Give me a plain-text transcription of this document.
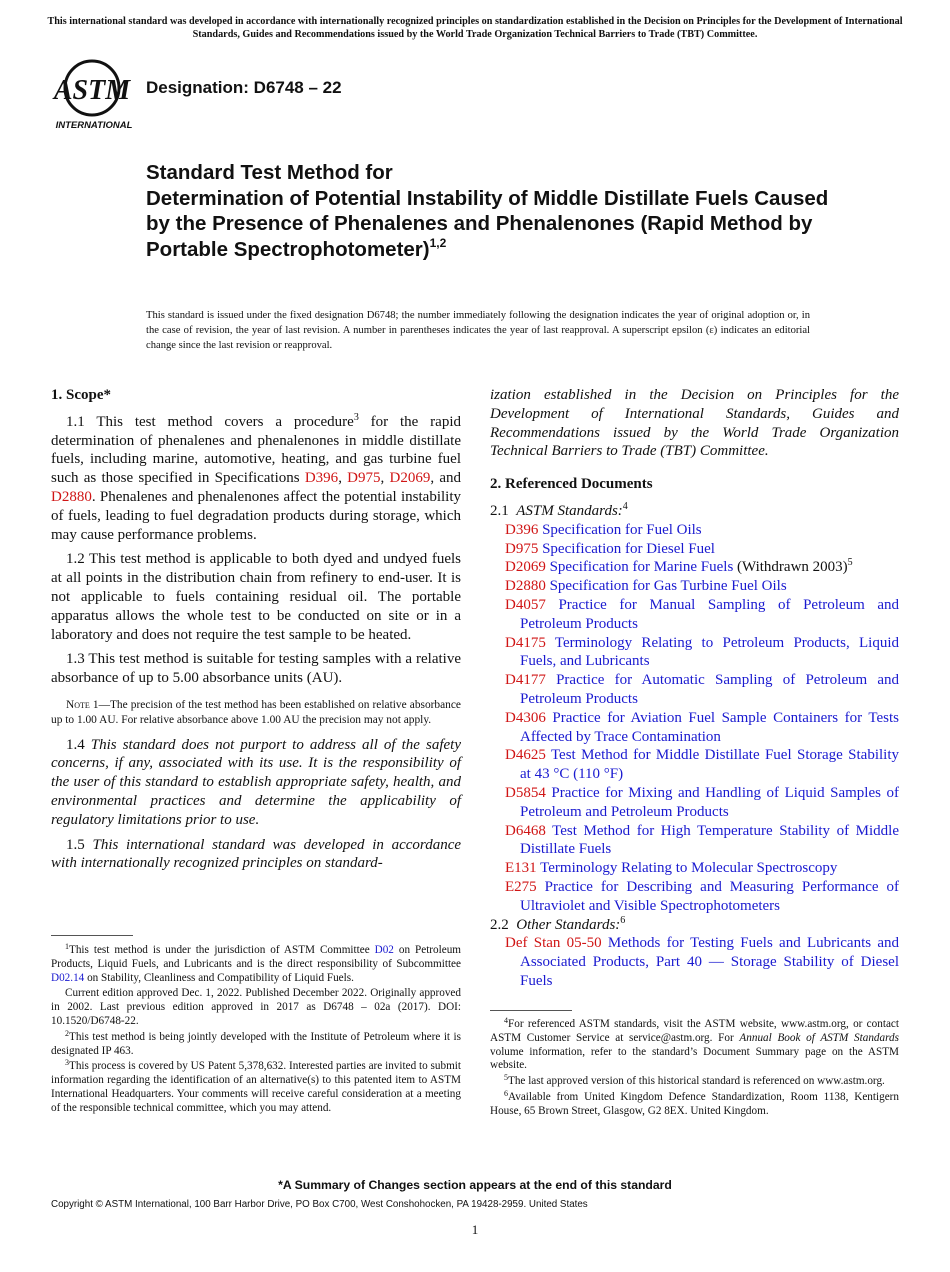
This international standard was developed in accordance with internationally recognized principles on standardization established in the Decision on Principles for the Development of International Standards, Guides and Recommendations issued by the World Trade Organization Technical Barriers to Trade (TBT) Committee.
ASTM
INTERNATIONAL
Designation: D6748 – 22
Standard Test Method for
Determination of Potential Instability of Middle Distillate Fuels Caused by the Presence of Phenalenes and Phenalenones (Rapid Method by Portable Spectrophotometer)$^{1,2}$
This standard is issued under the fixed designation D6748; the number immediately following the designation indicates the year of original adoption or, in the case of revision, the year of last revision. A number in parentheses indicates the year of last reapproval. A superscript epsilon (ε) indicates an editorial change since the last revision or reapproval.
1. Scope*

1.1 This test method covers a procedure$^3$ for the rapid determination of phenalenes and phenalenones in middle distillate fuels, including marine, automotive, heating, and gas turbine fuel such as those specified in Specifications D396, D975, D2069, and D2880. Phenalenes and phenalenones affect the potential instability of fuels, leading to fuel degradation products during storage, which may cause performance problems.

1.2 This test method is applicable to both dyed and undyed fuels at all points in the distribution chain from refinery to end-user. It is not applicable to fuels containing residual oil. The portable apparatus allows the whole test to be conducted on site or in a laboratory and does not require the test sample to be heated.

1.3 This test method is suitable for testing samples with a relative absorbance of up to 5.00 absorbance units (AU).

Note 1—The precision of the test method has been established on relative absorbance up to 1.00 AU. For relative absorbance above 1.00 AU the precision may not apply.

1.4 This standard does not purport to address all of the safety concerns, if any, associated with its use. It is the responsibility of the user of this standard to establish appropriate safety, health, and environmental practices and determine the applicability of regulatory limitations prior to use.

1.5 This international standard was developed in accordance with internationally recognized principles on standard-

$^1$This test method is under the jurisdiction of ASTM Committee D02 on Petroleum Products, Liquid Fuels, and Lubricants and is the direct responsibility of Subcommittee D02.14 on Stability, Cleanliness and Compatibility of Liquid Fuels.

Current edition approved Dec. 1, 2022. Published December 2022. Originally approved in 2002. Last previous edition approved in 2017 as D6748 – 02a (2017). DOI: 10.1520/D6748-22.

$^2$This test method is being jointly developed with the Institute of Petroleum where it is designated IP 463.

$^3$This process is covered by US Patent 5,378,632. Interested parties are invited to submit information regarding the identification of an alternative(s) to this patented item to ASTM International Headquarters. Your comments will receive careful consideration at a meeting of the responsible technical committee, which you may attend.

ization established in the Decision on Principles for the Development of International Standards, Guides and Recommendations issued by the World Trade Organization Technical Barriers to Trade (TBT) Committee.

2. Referenced Documents

2.1 ASTM Standards:$^4$

D396 Specification for Fuel Oils
D975 Specification for Diesel Fuel
D2069 Specification for Marine Fuels (Withdrawn 2003)$^5$
D2880 Specification for Gas Turbine Fuel Oils
D4057 Practice for Manual Sampling of Petroleum and Petroleum Products
D4175 Terminology Relating to Petroleum Products, Liquid Fuels, and Lubricants
D4177 Practice for Automatic Sampling of Petroleum and Petroleum Products
D4306 Practice for Aviation Fuel Sample Containers for Tests Affected by Trace Contamination
D4625 Test Method for Middle Distillate Fuel Storage Stability at 43 °C (110 °F)
D5854 Practice for Mixing and Handling of Liquid Samples of Petroleum and Petroleum Products
D6468 Test Method for High Temperature Stability of Middle Distillate Fuels
E131 Terminology Relating to Molecular Spectroscopy
E275 Practice for Describing and Measuring Performance of Ultraviolet and Visible Spectrophotometers

2.2 Other Standards:$^6$

Def Stan 05-50 Methods for Testing Fuels and Lubricants and Associated Products, Part 40 — Storage Stability of Diesel Fuels

$^4$For referenced ASTM standards, visit the ASTM website, www.astm.org, or contact ASTM Customer Service at service@astm.org. For Annual Book of ASTM Standards volume information, refer to the standard’s Document Summary page on the ASTM website.

$^5$The last approved version of this historical standard is referenced on www.astm.org.

$^6$Available from United Kingdom Defence Standardization, Room 1138, Kentigern House, 65 Brown Street, Glasgow, G2 8EX. United Kingdom.

*A Summary of Changes section appears at the end of this standard
Copyright © ASTM International, 100 Barr Harbor Drive, PO Box C700, West Conshohocken, PA 19428-2959. United States
1
